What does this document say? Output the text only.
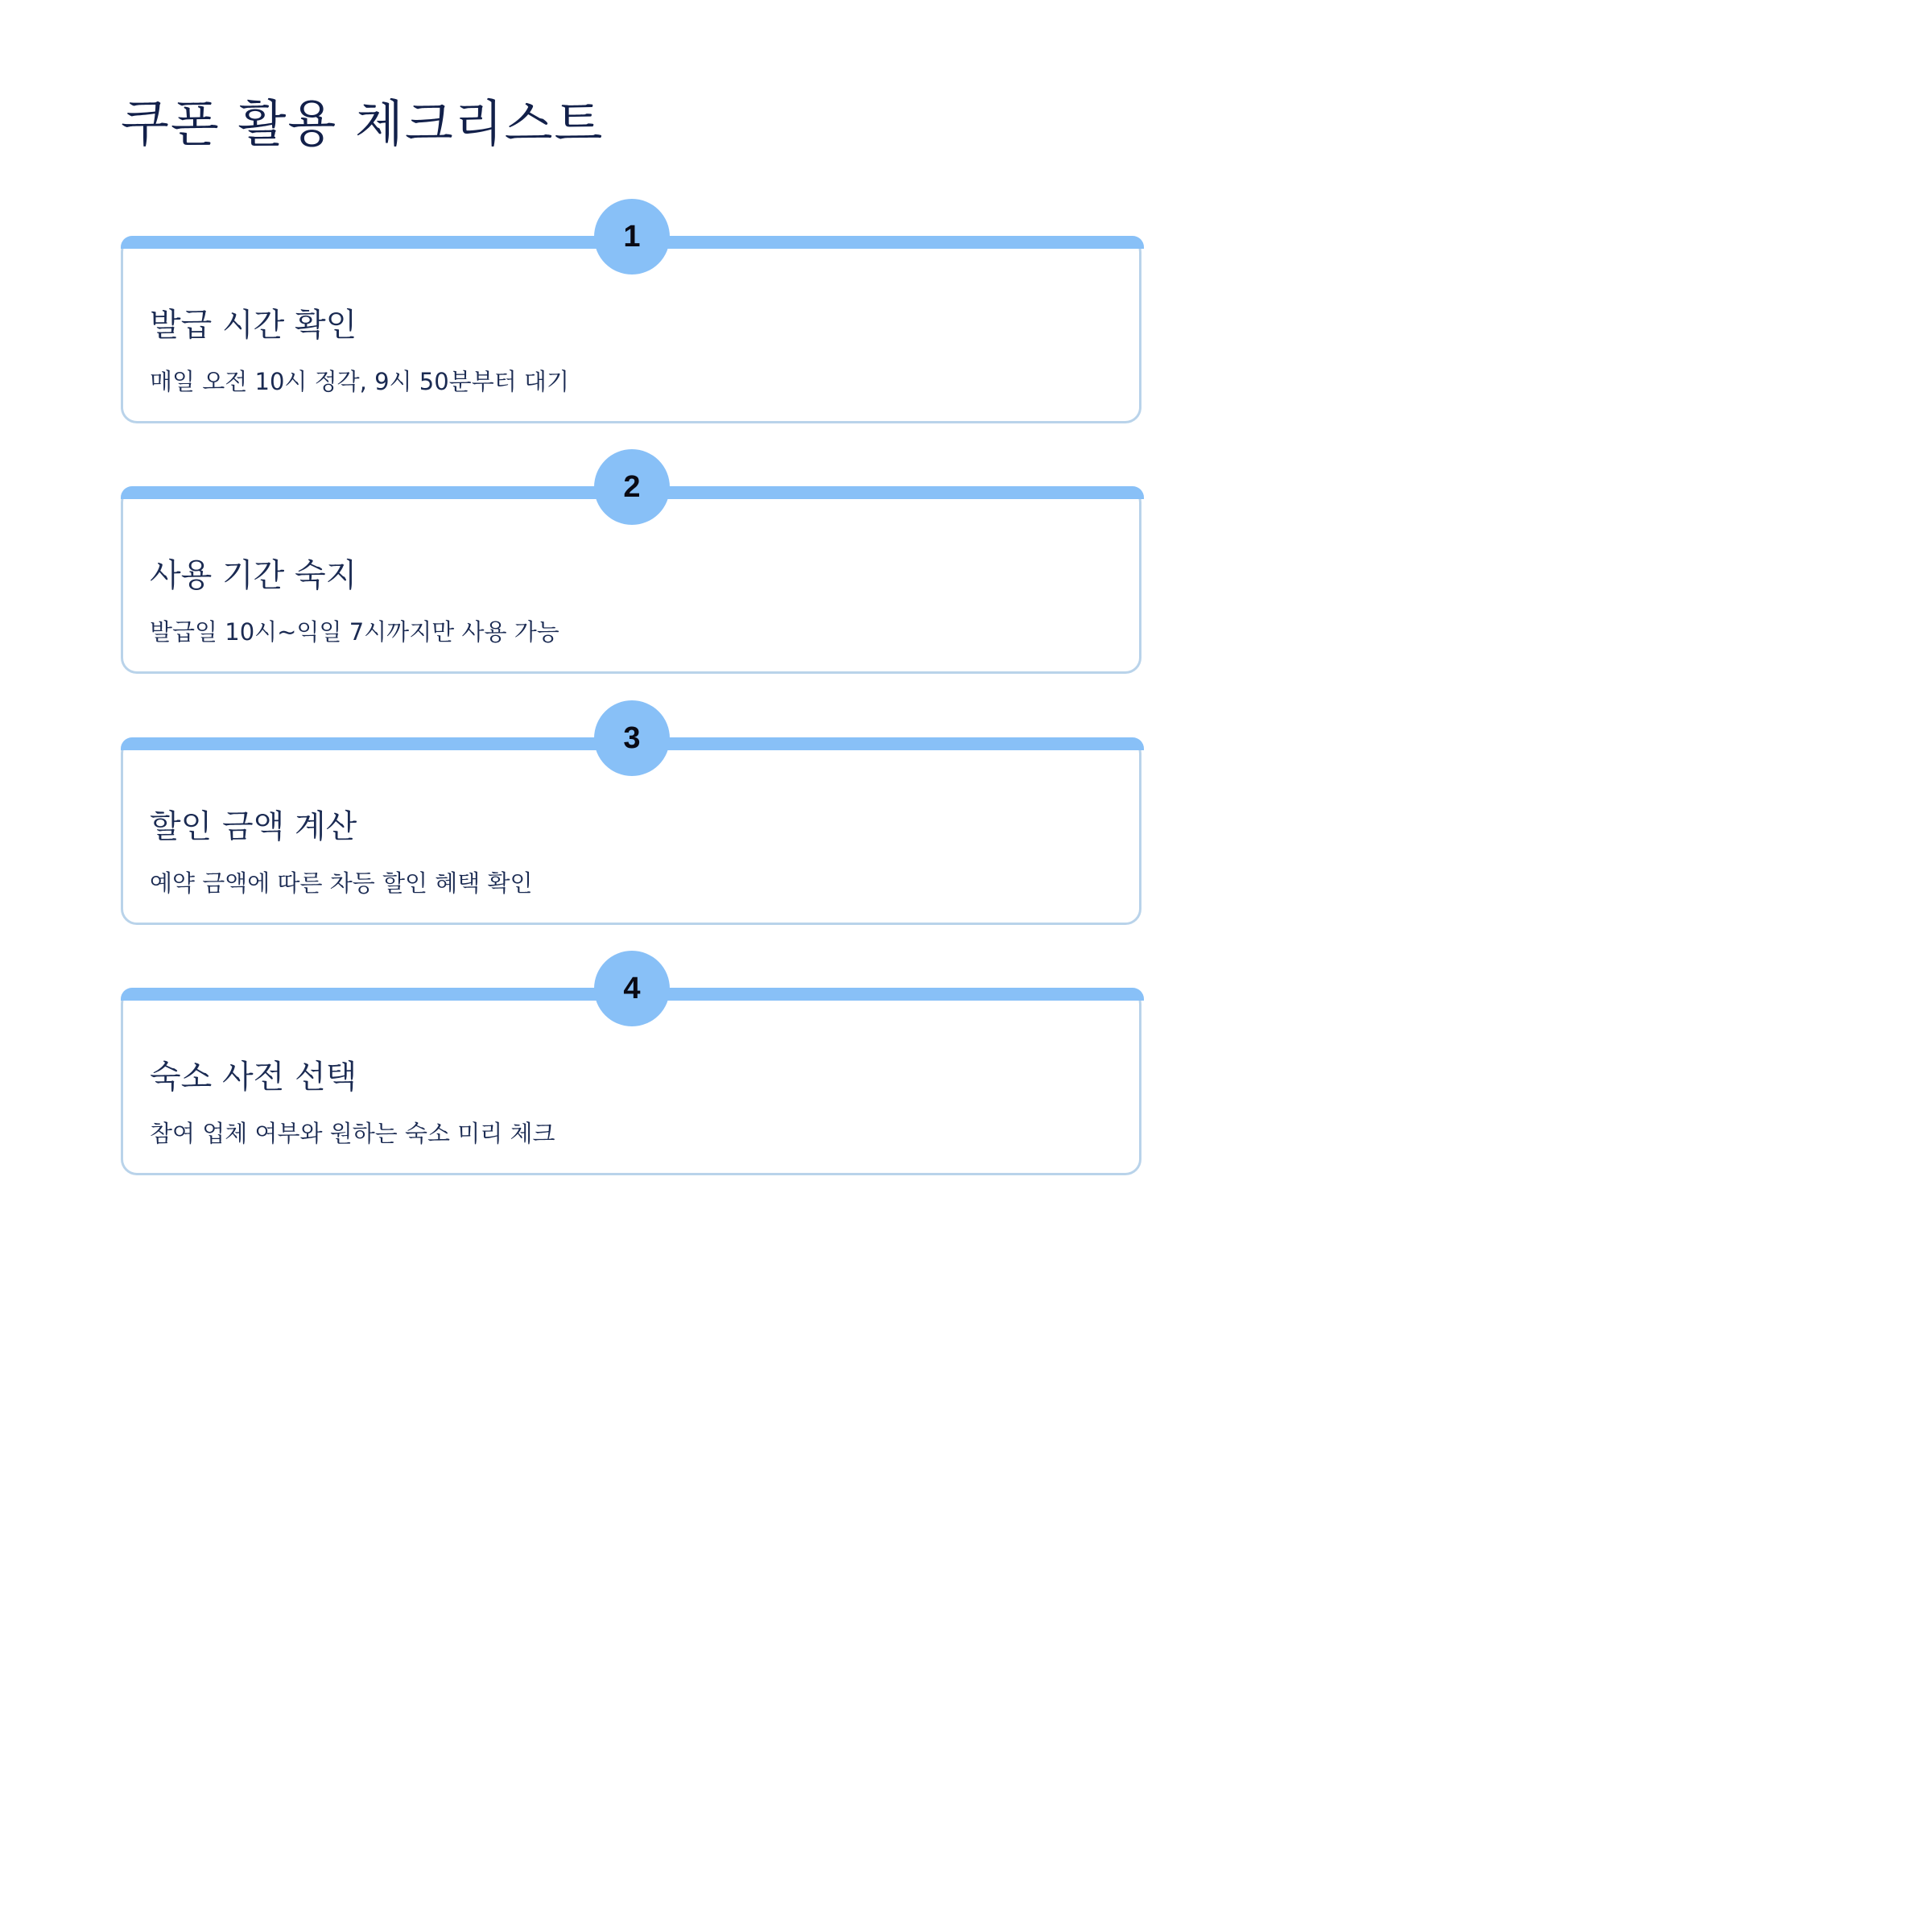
쿠폰 활용 체크리스트
1
발급 시간 확인

매일 오전 10시 정각, 9시 50분부터 대기

2
사용 기간 숙지

발급일 10시~익일 7시까지만 사용 가능

3
할인 금액 계산

예약 금액에 따른 차등 할인 혜택 확인

4
숙소 사전 선택

참여 업체 여부와 원하는 숙소 미리 체크
